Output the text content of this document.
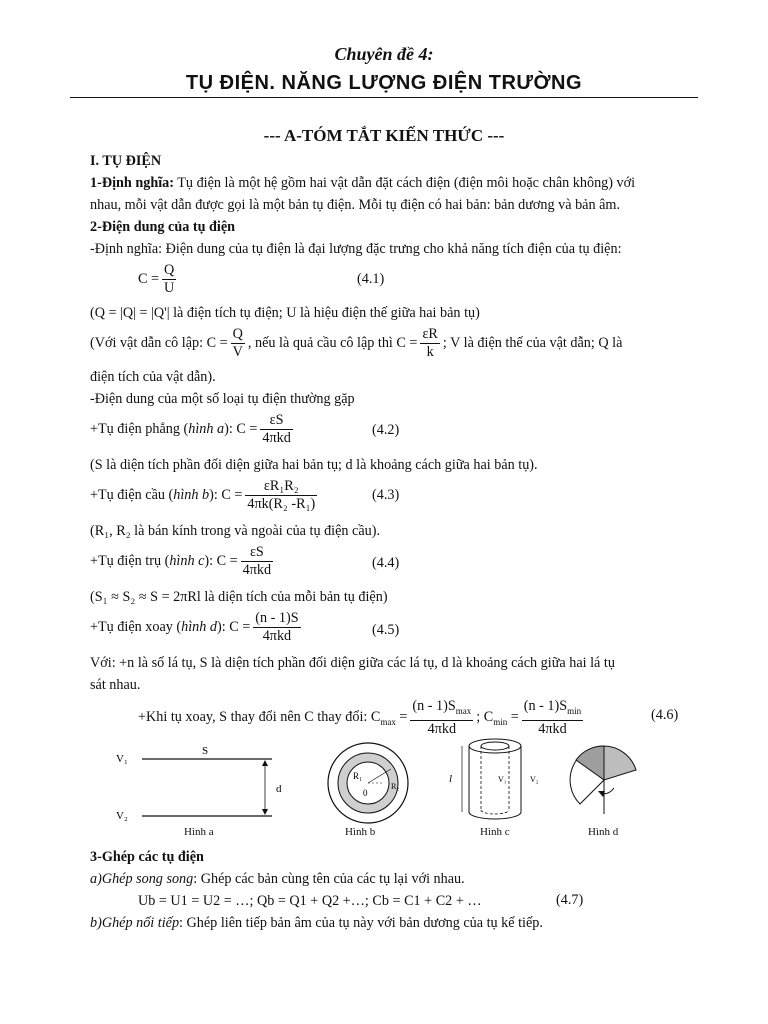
Chuyên đề 4:
TỤ ĐIỆN. NĂNG LƯỢNG ĐIỆN TRƯỜNG
--- A-TÓM TẮT KIẾN THỨC ---
I. TỤ ĐIỆN
1-Định nghĩa: Tụ điện là một hệ gồm hai vật dẫn đặt cách điện (điện môi hoặc chân không) với
nhau, mỗi vật dẫn được gọi là một bản tụ điện. Mỗi tụ điện có hai bản: bản dương và bản âm.
2-Điện dung của tụ điện
-Định nghĩa: Điện dung của tụ điện là đại lượng đặc trưng cho khả năng tích điện của tụ điện:
$C = \frac{Q}{U}$	(4.1)
(Q = |Q| = |Q'| là điện tích tụ điện; U là hiệu điện thế giữa hai bản tụ)
(Với vật dẫn cô lập: $C = \frac{Q}{V}$ , nếu là quả cầu cô lập thì $C = \frac{\varepsilon R}{k}$ ; V là điện thế của vật dẫn; Q là
điện tích của vật dẫn).
-Điện dung của một số loại tụ điện thường gặp
+Tụ điện phẳng (hình a): $C = \frac{\varepsilon S}{\text{4πkd}}$	(4.2)
(S là diện tích phần đối diện giữa hai bản tụ; d là khoảng cách giữa hai bản tụ).
+Tụ điện cầu (hình b): $C = \frac{\text{εR₁R₂}}{\text{4πk(R₂ -R₁)}}$	(4.3)
(R₁, R₂ là bán kính trong và ngoài của tụ điện cầu).
+Tụ điện trụ (hình c): $C = \frac{\varepsilon S}{\text{4πkd}}$	(4.4)
(S₁ ≈ S₂ ≈ S = 2πRl là diện tích của mỗi bản tụ điện)
+Tụ điện xoay (hình d): $C = \frac{(n - 1)S}{\text{4πkd}}$	(4.5)
Với: +n là số lá tụ, S là diện tích phần đối diện giữa các lá tụ, d là khoảng cách giữa hai lá tụ
sát nhau.
+Khi tụ xoay, S thay đổi nên C thay đổi: $C_{max} = \frac{(n - 1)S_{max}}{\text{4πkd}}$ ; $C_{min} = \frac{(n - 1)S_{min}}{\text{4πkd}}$	(4.6)
V₁
V₂
S
d
Hình a
R₁
R₂
0
Hình b
l	V₁	V₂
Hình c	Hình d
3-Ghép các tụ điện
a)Ghép song song: Ghép các bản cùng tên của các tụ lại với nhau.
Ub = U1 = U2 = …; Qb = Q1 + Q2 +…; Cb = C1 + C2 + …	(4.7)
b)Ghép nối tiếp: Ghép liên tiếp bản âm của tụ này với bản dương của tụ kế tiếp.
